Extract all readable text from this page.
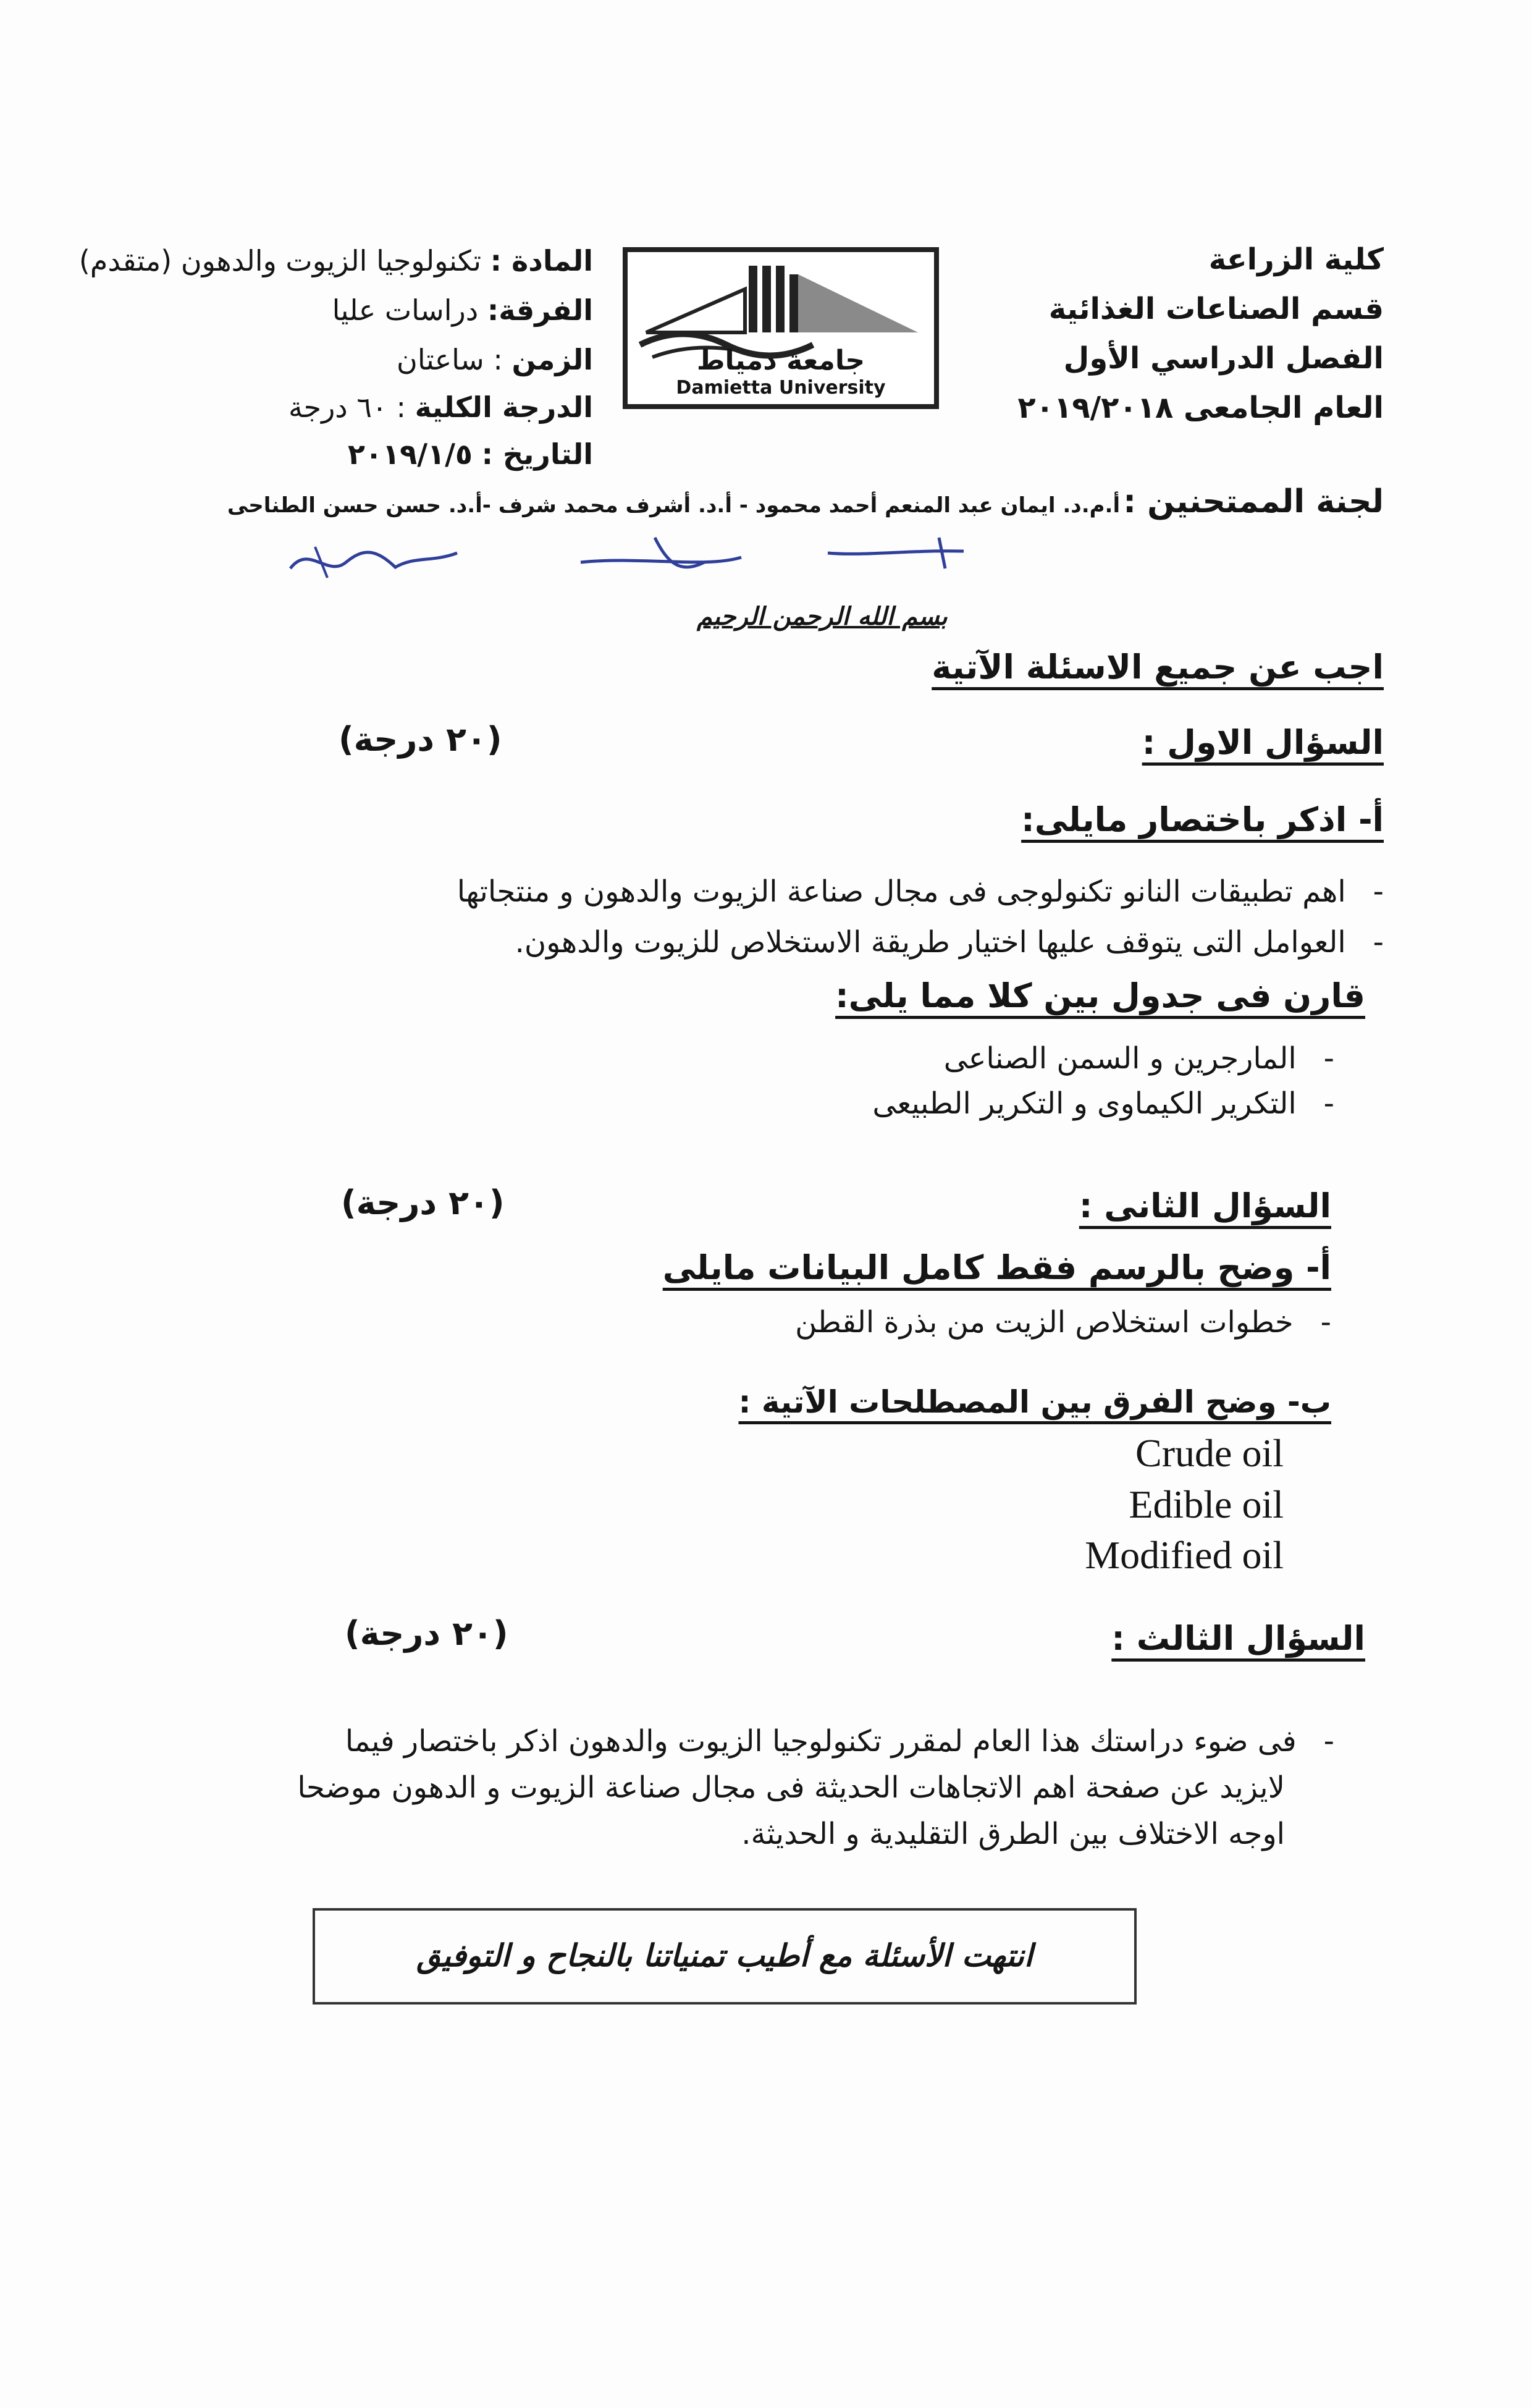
كلية الزراعة
قسم الصناعات الغذائية
الفصل الدراسي الأول
العام الجامعى ٢٠١٩/٢٠١٨
جامعة دمياط
Damietta University
المادة : تكنولوجيا الزيوت والدهون (متقدم)
الفرقة: دراسات عليا
الزمن : ساعتان
الدرجة الكلية : ٦٠ درجة
التاريخ : ٢٠١٩/١/٥
لجنة الممتحنين : أ.م.د. ايمان عبد المنعم أحمد محمود - أ.د. أشرف محمد شرف -أ.د. حسن حسن الطناحى
بسم الله الرحمن الرحيم
اجب عن جميع الاسئلة الآتية
السؤال الاول :
(٢٠ درجة)
أ- اذكر باختصار مايلى:
-اهم تطبيقات النانو تكنولوجى فى مجال صناعة الزيوت والدهون و منتجاتها
-العوامل التى يتوقف عليها اختيار طريقة الاستخلاص للزيوت والدهون.
قارن فى جدول بين كلا مما يلى:
-المارجرين و السمن الصناعى
-التكرير الكيماوى و التكرير الطبيعى
السؤال الثانى :
(٢٠ درجة)
أ- وضح بالرسم فقط كامل البيانات مايلى
-خطوات استخلاص الزيت من بذرة القطن
ب- وضح الفرق بين المصطلحات الآتية :
Crude oil
Edible oil
Modified oil
السؤال الثالث :
(٢٠ درجة)
-فى ضوء دراستك هذا العام لمقرر تكنولوجيا الزيوت والدهون اذكر باختصار فيما
لايزيد عن صفحة اهم الاتجاهات الحديثة فى مجال صناعة الزيوت و الدهون موضحا
اوجه الاختلاف بين الطرق التقليدية و الحديثة.
انتهت الأسئلة مع أطيب تمنياتنا بالنجاح و التوفيق
